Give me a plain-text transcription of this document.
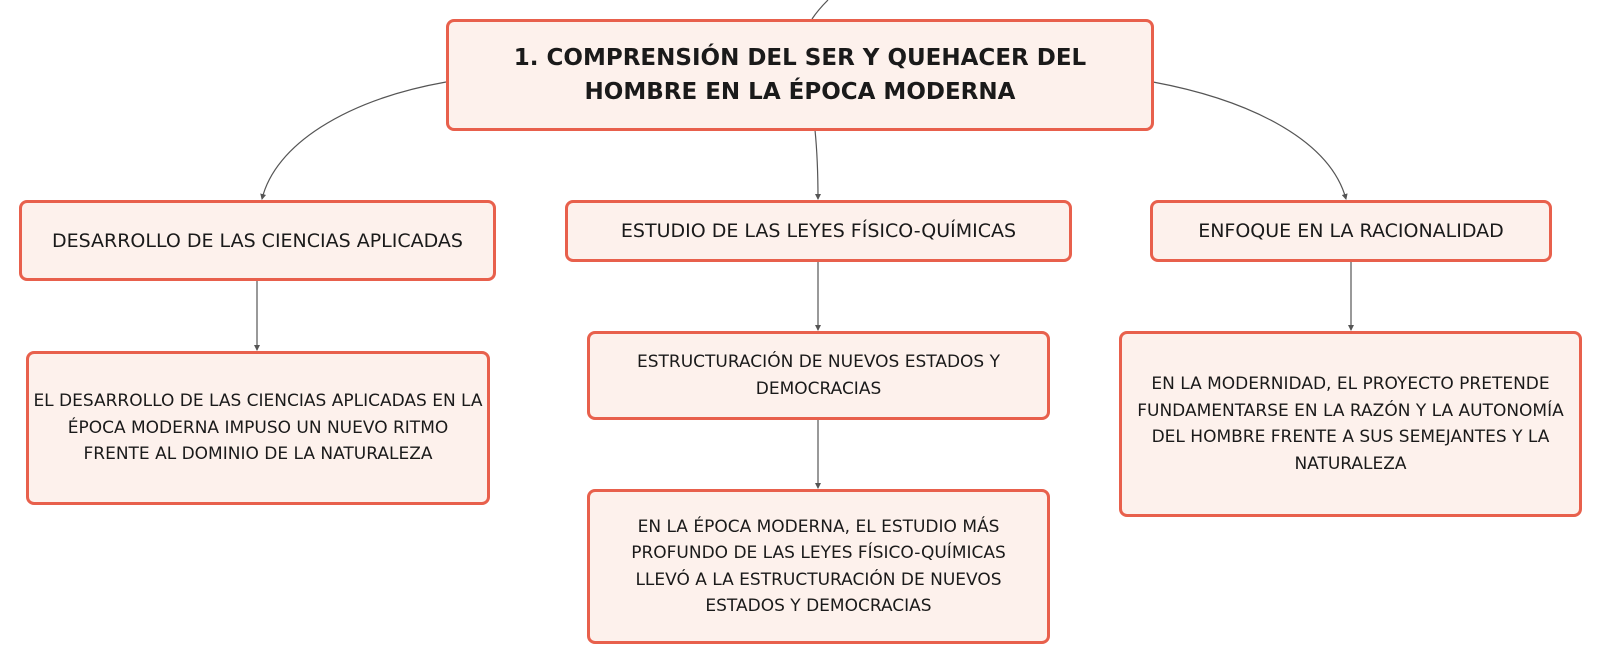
1. COMPRENSIÓN DEL SER Y QUEHACER DEL HOMBRE EN LA ÉPOCA MODERNA
DESARROLLO DE LAS CIENCIAS APLICADAS	ESTUDIO DE LAS LEYES FÍSICO-QUÍMICAS	ENFOQUE EN LA RACIONALIDAD
EL DESARROLLO DE LAS CIENCIAS APLICADAS EN LA ÉPOCA MODERNA IMPUSO UN NUEVO RITMO FRENTE AL DOMINIO DE LA NATURALEZA
ESTRUCTURACIÓN DE NUEVOS ESTADOS Y DEMOCRACIAS
EN LA ÉPOCA MODERNA, EL ESTUDIO MÁS PROFUNDO DE LAS LEYES FÍSICO-QUÍMICAS LLEVÓ A LA ESTRUCTURACIÓN DE NUEVOS ESTADOS Y DEMOCRACIAS
EN LA MODERNIDAD, EL PROYECTO PRETENDE FUNDAMENTARSE EN LA RAZÓN Y LA AUTONOMÍA DEL HOMBRE FRENTE A SUS SEMEJANTES Y LA NATURALEZA
